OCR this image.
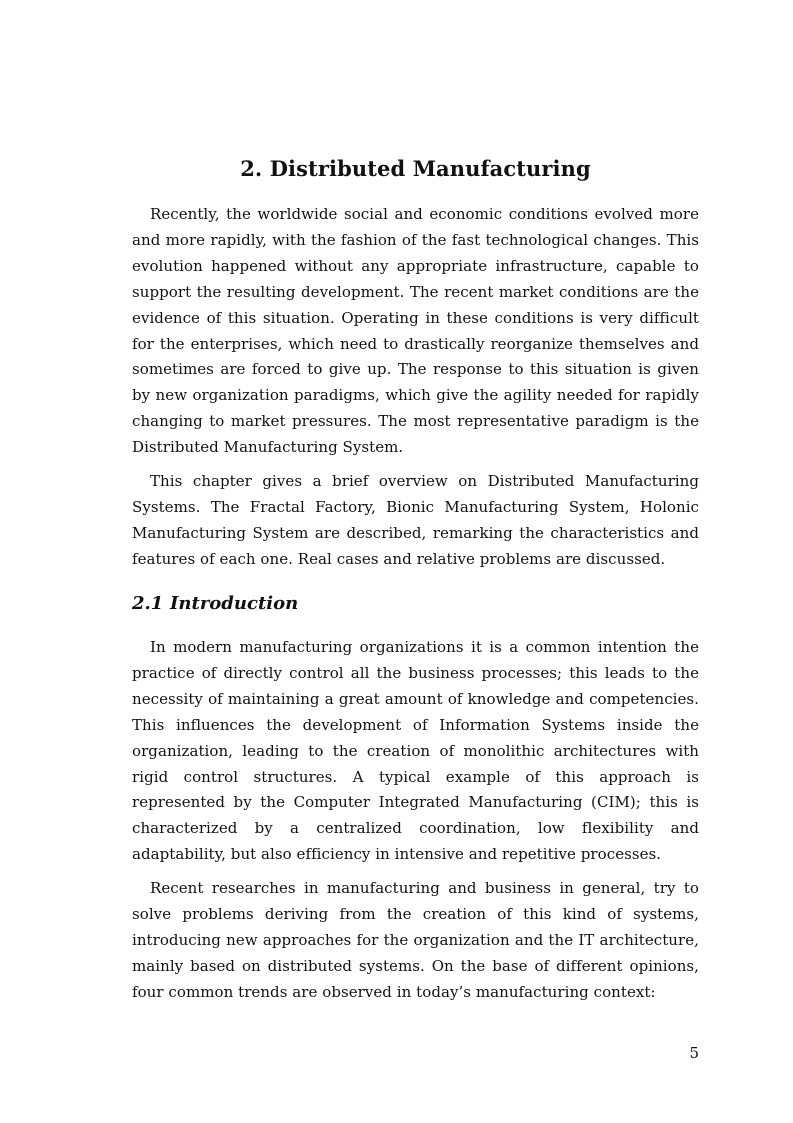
2. Distributed Manufacturing

Recently, the worldwide social and economic conditions evolved more and more rapidly, with the fashion of the fast technological changes. This evolution happened without any appropriate infrastructure, capable to support the resulting development. The recent market conditions are the evidence of this situation. Operating in these conditions is very difficult for the enterprises, which need to drastically reorganize themselves and sometimes are forced to give up. The response to this situation is given by new organization paradigms, which give the agility needed for rapidly changing to market pressures. The most representative paradigm is the Distributed Manufacturing System.

This chapter gives a brief overview on Distributed Manufacturing Systems. The Fractal Factory, Bionic Manufacturing System, Holonic Manufacturing System are described, remarking the characteristics and features of each one. Real cases and relative problems are discussed.

2.1 Introduction

In modern manufacturing organizations it is a common intention the practice of directly control all the business processes; this leads to the necessity of maintaining a great amount of knowledge and competencies. This influences the development of Information Systems inside the organization, leading to the creation of monolithic architectures with rigid control structures. A typical example of this approach is represented by the Computer Integrated Manufacturing (CIM); this is characterized by a centralized coordination, low flexibility and adaptability, but also efficiency in intensive and repetitive processes.

Recent researches in manufacturing and business in general, try to solve problems deriving from the creation of this kind of systems, introducing new approaches for the organization and the IT architecture, mainly based on distributed systems. On the base of different opinions, four common trends are observed in today’s manufacturing context:

5
